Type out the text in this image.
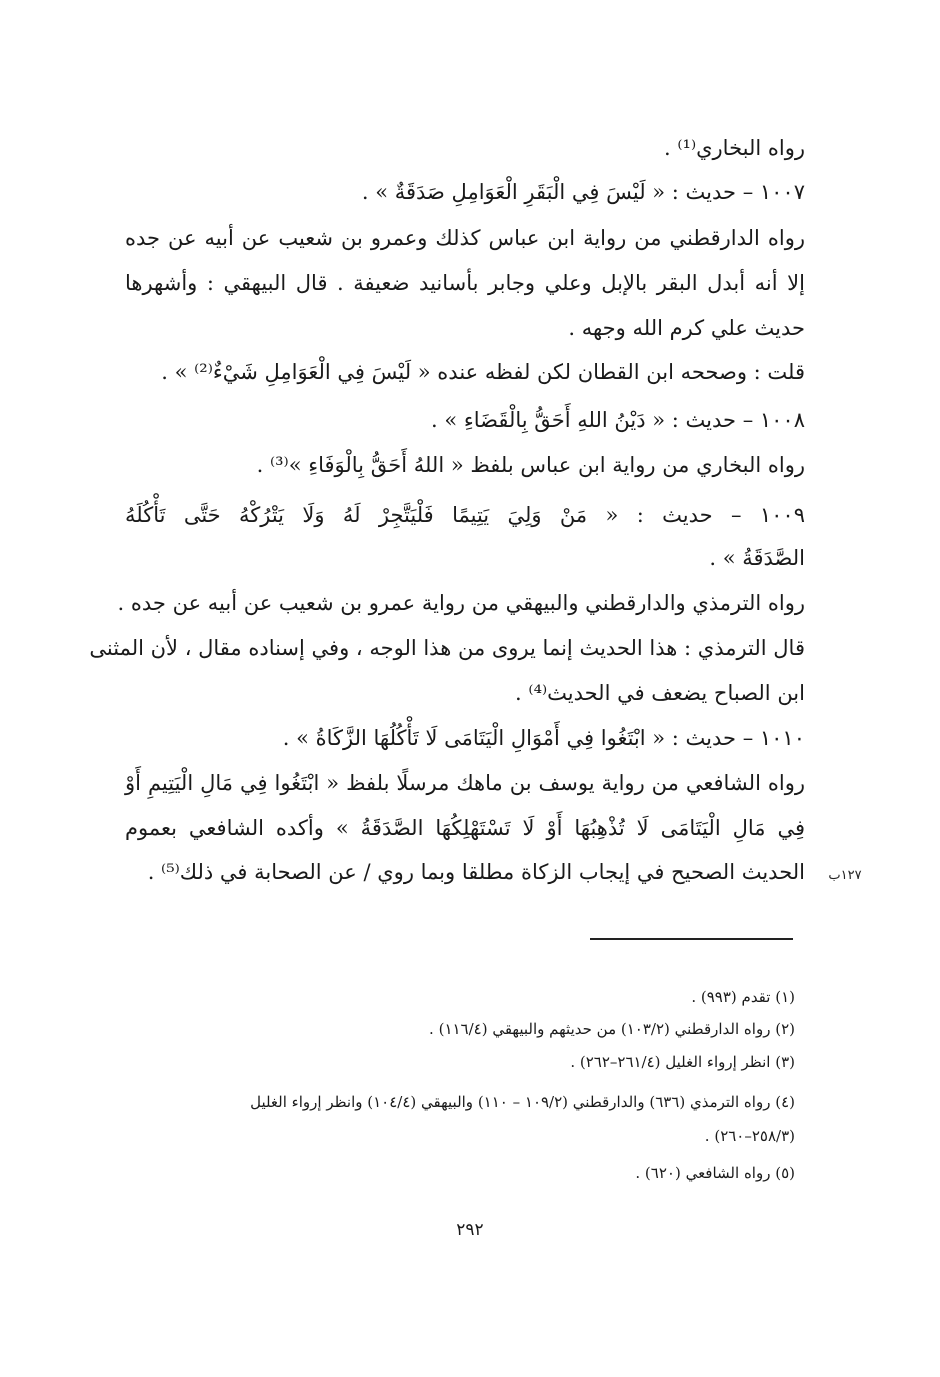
رواه البخاري⁽¹⁾ .
١٠٠٧ – حديث : « لَيْسَ فِي الْبَقَرِ الْعَوَامِلِ صَدَقَةٌ » .
رواه الدارقطني من رواية ابن عباس كذلك وعمرو بن شعيب عن أبيه عن جده
إلا أنه أبدل البقر بالإبل وعلي وجابر بأسانيد ضعيفة . قال البيهقي : وأشهرها
حديث علي كرم الله وجهه .
قلت : وصححه ابن القطان لكن لفظه عنده « لَيْسَ فِي الْعَوَامِلِ شَيْءٌ⁽²⁾ » .
١٠٠٨ – حديث : « دَيْنُ اللهِ أَحَقُّ بِالْقَضَاءِ » .
رواه البخاري من رواية ابن عباس بلفظ « اللهُ أَحَقُّ بِالْوَفَاءِ »⁽³⁾ .
١٠٠٩ – حديث : « مَنْ وَلِيَ يَتِيمًا فَلْيَتَّجِرْ لَهُ وَلَا يَتْرُكْهُ حَتَّى تَأْكُلَهُ
الصَّدَقَةُ » .
رواه الترمذي والدارقطني والبيهقي من رواية عمرو بن شعيب عن أبيه عن جده .
قال الترمذي : هذا الحديث إنما يروى من هذا الوجه ، وفي إسناده مقال ، لأن المثنى
ابن الصباح يضعف في الحديث⁽⁴⁾ .
١٠١٠ – حديث : « ابْتَغُوا فِي أَمْوَالِ الْيَتَامَى لَا تَأْكُلُهَا الزَّكَاةُ » .
رواه الشافعي من رواية يوسف بن ماهك مرسلًا بلفظ « ابْتَغُوا فِي مَالِ الْيَتِيمِ أَوْ
فِي مَالِ الْيَتَامَى لَا تُذْهِبُهَا أَوْ لَا تَسْتَهْلِكُهَا الصَّدَقَةُ » وأكده الشافعي بعموم
الحديث الصحيح في إيجاب الزكاة مطلقا وبما روي / عن الصحابة في ذلك⁽⁵⁾ .	١٢٧ب
(١) تقدم (٩٩٣) .
(٢) رواه الدارقطني (١٠٣/٢) من حديثهم والبيهقي (١١٦/٤) .
(٣) انظر إرواء الغليل (٢٦١/٤–٢٦٢) .
(٤) رواه الترمذي (٦٣٦) والدارقطني (١٠٩/٢ – ١١٠) والبيهقي (١٠٤/٤) وانظر إرواء الغليل
(٢٥٨/٣–٢٦٠) .
(٥) رواه الشافعي (٦٢٠) .
٢٩٢
